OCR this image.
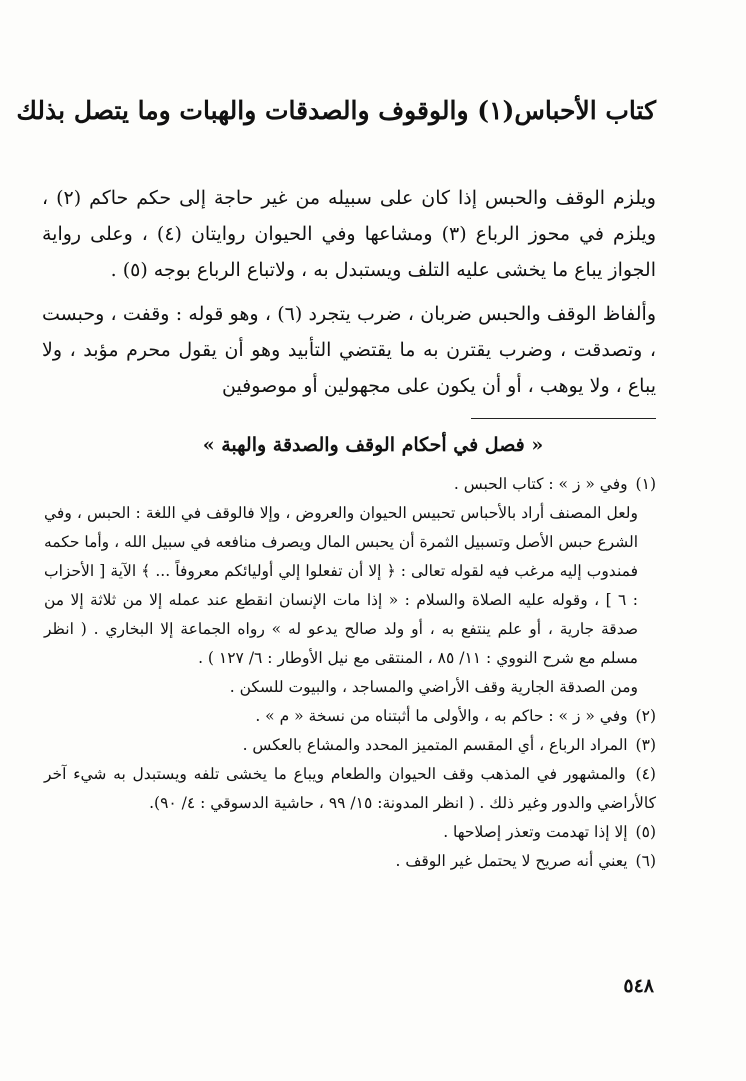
كتاب الأحباس(١) والوقوف والصدقات والهبات وما يتصل بذلك

ويلزم الوقف والحبس إذا كان على سبيله من غير حاجة إلى حكم حاكم (٢) ، ويلزم في محوز الرباع (٣) ومشاعها وفي الحيوان روايتان (٤) ، وعلى رواية الجواز يباع ما يخشى عليه التلف ويستبدل به ، ولاتباع الرباع بوجه (٥) .

وألفاظ الوقف والحبس ضربان ، ضرب يتجرد (٦) ، وهو قوله : وقفت ، وحبست ، وتصدقت ، وضرب يقترن به ما يقتضي التأبيد وهو أن يقول محرم مؤبد ، ولا يباع ، ولا يوهب ، أو أن يكون على مجهولين أو موصوفين

« فصل في أحكام الوقف والصدقة والهبة »

(١) وفي « ز » : كتاب الحبس .

ولعل المصنف أراد بالأحباس تحبيس الحيوان والعروض ، وإلا فالوقف في اللغة : الحبس ، وفي الشرع حبس الأصل وتسبيل الثمرة أن يحبس المال ويصرف منافعه في سبيل الله ، وأما حكمه فمندوب إليه مرغب فيه لقوله تعالى : ﴿ إلا أن تفعلوا إلي أوليائكم معروفاً ... ﴾ الآية [ الأحزاب : ٦ ] ، وقوله عليه الصلاة والسلام : « إذا مات الإنسان انقطع عند عمله إلا من ثلاثة إلا من صدقة جارية ، أو علم ينتفع به ، أو ولد صالح يدعو له » رواه الجماعة إلا البخاري . ( انظر مسلم مع شرح النووي : ١١/ ٨٥ ، المنتقى مع نيل الأوطار : ٦/ ١٢٧ ) .

ومن الصدقة الجارية وقف الأراضي والمساجد ، والبيوت للسكن .

(٢) وفي « ز » : حاكم به ، والأولى ما أثبتناه من نسخة « م » .

(٣) المراد الرباع ، أي المقسم المتميز المحدد والمشاع بالعكس .

(٤) والمشهور في المذهب وقف الحيوان والطعام ويباع ما يخشى تلفه ويستبدل به شيء آخر كالأراضي والدور وغير ذلك . ( انظر المدونة: ١٥/ ٩٩ ، حاشية الدسوقي : ٤/ ٩٠).

(٥) إلا إذا تهدمت وتعذر إصلاحها .

(٦) يعني أنه صريح لا يحتمل غير الوقف .

٥٤٨
